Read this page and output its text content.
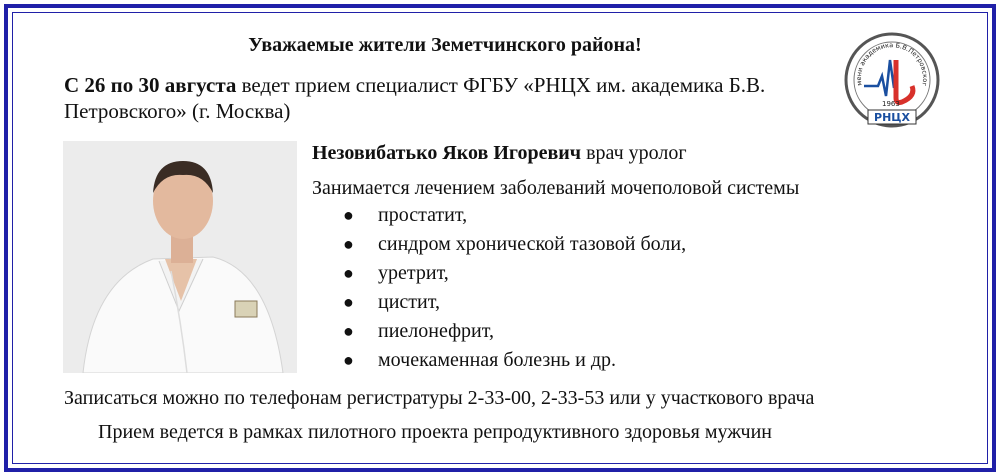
Уважаемые жители Земетчинского района!
С 26 по 30 августа ведет прием специалист ФГБУ «РНЦХ им. академика Б.В. Петровского» (г. Москва)
мени академика Б.В.Петровског
1963
РНЦХ
Незовибатько Яков Игоревич врач уролог
Занимается лечением заболеваний мочеполовой системы
● простатит,
● синдром хронической тазовой боли,
● уретрит,
● цистит,
● пиелонефрит,
● мочекаменная болезнь и др.
Записаться можно по телефонам регистратуры 2-33-00, 2-33-53 или у участкового врача
Прием ведется в рамках пилотного проекта репродуктивного здоровья мужчин
